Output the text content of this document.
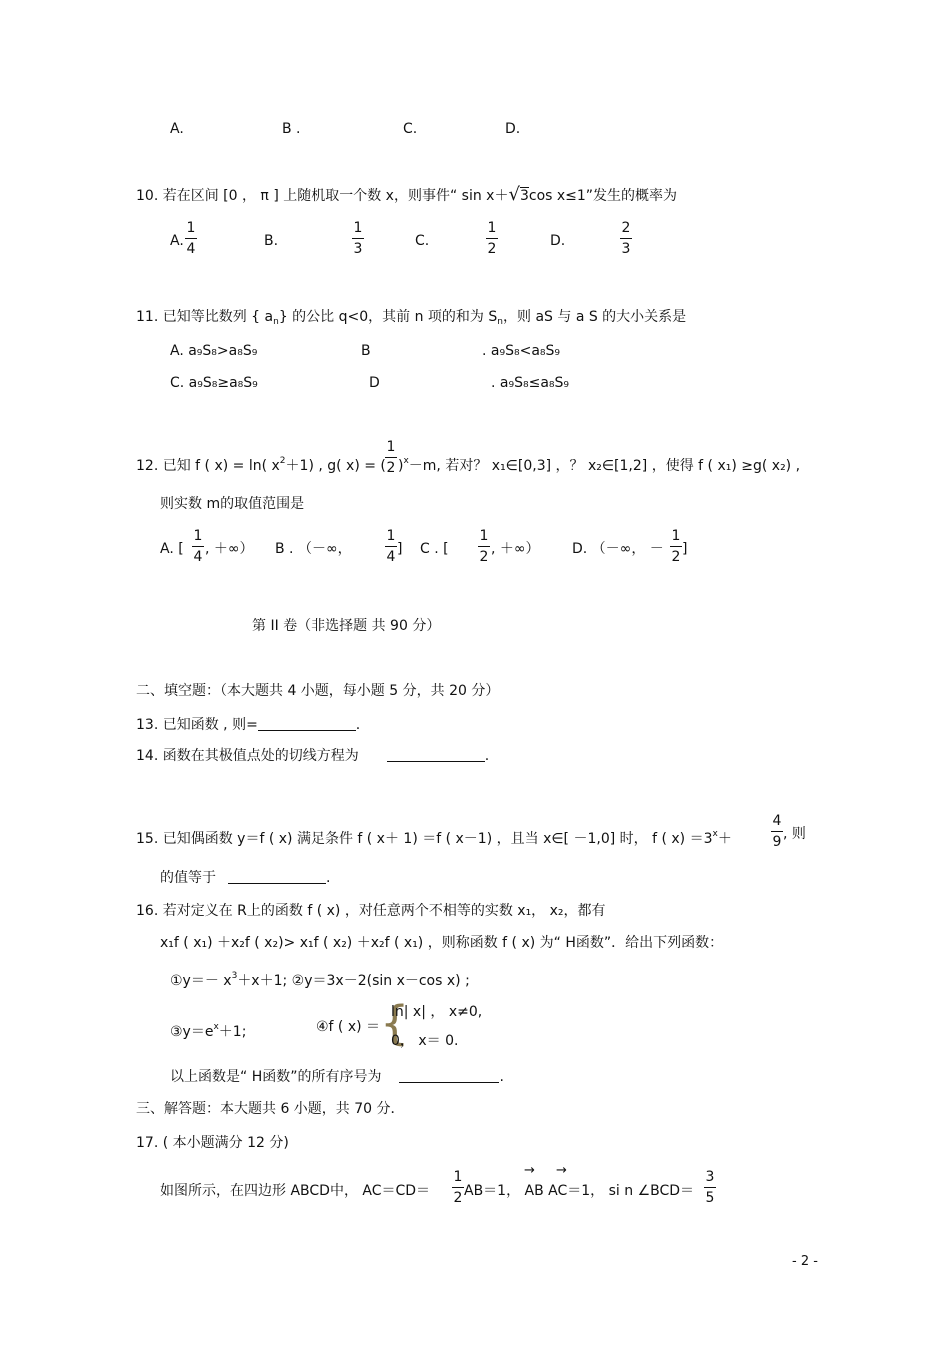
A.	B .	C.	D.
10. 若在区间 [0 ， π ] 上随机取一个数 x，则事件“ sin x＋√3cos x≤1”发生的概率为
A.
1
4	B.
1
3	C.
1
2	D.
2
3
11. 已知等比数列 { $a_n$} 的公比 q<0，其前 n 项的和为 $S_n$，则 aS 与 a S 的大小关系是
A. a₉S₈>a₈S₉	B	. a₉S₈<a₈S₉
C. a₉S₈≥a₈S₉	D	. a₉S₈≤a₈S₉
12. 已知 f ( x) = ln( $x^2+1$) , g( x) = (
1
2 )$^x$－m, 若对？ x₁∈[0,3] ，？ x₂∈[1,2] ，使得 f ( x₁) ≥g( x₂) ,
则实数 m的取值范围是
A. [
1
4 , ＋∞） B . （－∞，
1
4 ] C . [
1
2 , ＋∞） D. （－∞， －
1
2 ]
第 II 卷（非选择题 共 90 分）
二、填空题：（本大题共 4 小题，每小题 5 分，共 20 分）
13. 已知函数 , 则=	.
14. 函数在其极值点处的切线方程为	.
15. 已知偶函数 y＝f ( x) 满足条件 f ( x＋ 1) ＝f ( x－1) ，且当 x∈[ －1,0] 时， f ( $x) =3^x+$
4
9 , 则
的值等于	.
16. 若对定义在 R上的函数 f ( x) ，对任意两个不相等的实数 x₁， x₂，都有
x₁f ( x₁) ＋x₂f ( x₂)> x₁f ( x₂) ＋x₂f ( x₁) ，则称函数 f ( x) 为“ H函数”．给出下列函数：
①y＝－ $x^3+x+1$; ②y＝3x－2(sin x－cos x) ;
$③y=e^x+1$;	④f ( x) ＝ {
ln| x| ， x≠0,
0， x＝ 0.
以上函数是“ H函数”的所有序号为	.
三、解答题：本大题共 6 小题，共 70 分．
17. ( 本小题满分 12 分)
如图所示，在四边形 ABCD中， AC＝CD＝
1
2 AB＝1， AB AC＝1， si n ∠BCD＝
→ →	3
5
- 2 -
